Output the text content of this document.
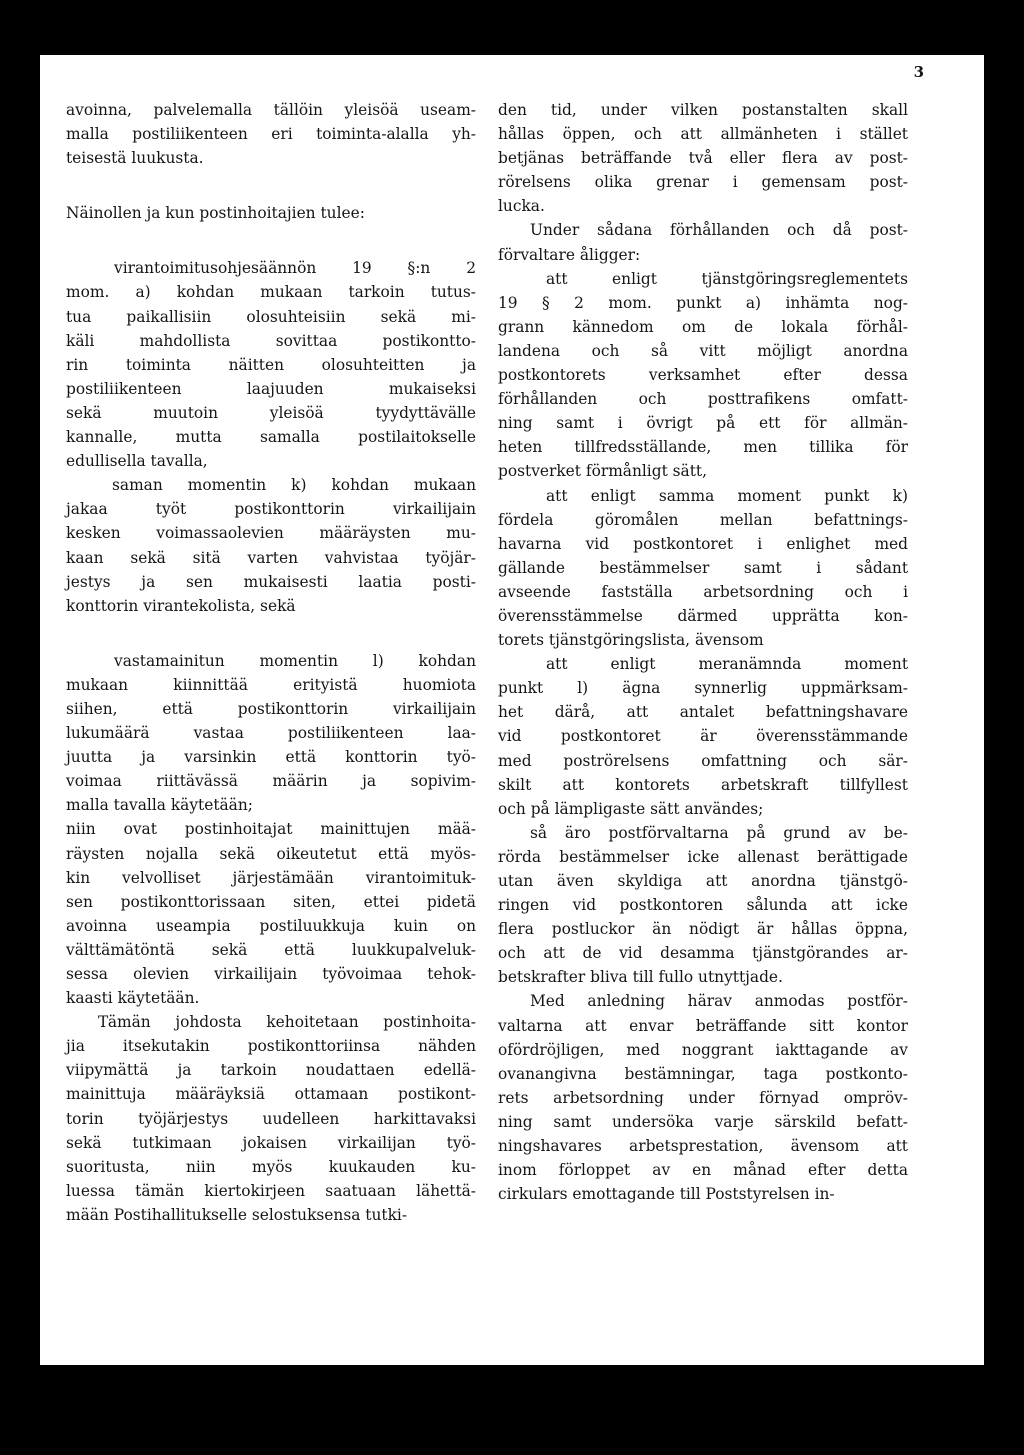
3
avoinna, palvelemalla tällöin yleisöä useam-
malla postiliikenteen eri toiminta-alalla yh-
teisestä luukusta.
Näinollen ja kun postinhoitajien tulee:
virantoimitusohjesäännön 19 §:n 2
mom. a) kohdan mukaan tarkoin tutus-
tua paikallisiin olosuhteisiin sekä mi-
käli mahdollista sovittaa postikontto-
rin toiminta näitten olosuhteitten ja
postiliikenteen laajuuden mukaiseksi
sekä muutoin yleisöä tyydyttävälle
kannalle, mutta samalla postilaitokselle
edullisella tavalla,
saman momentin k) kohdan mukaan
jakaa työt postikonttorin virkailijain
kesken voimassaolevien määräysten mu-
kaan sekä sitä varten vahvistaa työjär-
jestys ja sen mukaisesti laatia posti-
konttorin virantekolista, sekä
vastamainitun momentin l) kohdan
mukaan kiinnittää erityistä huomiota
siihen, että postikonttorin virkailijain
lukumäärä vastaa postiliikenteen laa-
juutta ja varsinkin että konttorin työ-
voimaa riittävässä määrin ja sopivim-
malla tavalla käytetään;
niin ovat postinhoitajat mainittujen mää-
räysten nojalla sekä oikeutetut että myös-
kin velvolliset järjestämään virantoimituk-
sen postikonttorissaan siten, ettei pidetä
avoinna useampia postiluukkuja kuin on
välttämätöntä sekä että luukkupalveluk-
sessa olevien virkailijain työvoimaa tehok-
kaasti käytetään.
Tämän johdosta kehoitetaan postinhoita-
jia itsekutakin postikonttoriinsa nähden
viipymättä ja tarkoin noudattaen edellä-
mainittuja määräyksiä ottamaan postikont-
torin työjärjestys uudelleen harkittavaksi
sekä tutkimaan jokaisen virkailijan työ-
suoritusta, niin myös kuukauden ku-
luessa tämän kiertokirjeen saatuaan lähettä-
mään Postihallitukselle selostuksensa tutki-
den tid, under vilken postanstalten skall
hållas öppen, och att allmänheten i stället
betjänas beträffande två eller flera av post-
rörelsens olika grenar i gemensam post-
lucka.
Under sådana förhållanden och då post-
förvaltare åligger:
att enligt tjänstgöringsreglementets
19 § 2 mom. punkt a) inhämta nog-
grann kännedom om de lokala förhål-
landena och så vitt möjligt anordna
postkontorets verksamhet efter dessa
förhållanden och posttrafikens omfatt-
ning samt i övrigt på ett för allmän-
heten tillfredsställande, men tillika för
postverket förmånligt sätt,
att enligt samma moment punkt k)
fördela göromålen mellan befattnings-
havarna vid postkontoret i enlighet med
gällande bestämmelser samt i sådant
avseende fastställa arbetsordning och i
överensstämmelse därmed upprätta kon-
torets tjänstgöringslista, ävensom
att enligt meranämnda moment
punkt l) ägna synnerlig uppmärksam-
het därå, att antalet befattningshavare
vid postkontoret är överensstämmande
med poströrelsens omfattning och sär-
skilt att kontorets arbetskraft tillfyllest
och på lämpligaste sätt användes;
så äro postförvaltarna på grund av be-
rörda bestämmelser icke allenast berättigade
utan även skyldiga att anordna tjänstgö-
ringen vid postkontoren sålunda att icke
flera postluckor än nödigt är hållas öppna,
och att de vid desamma tjänstgörandes ar-
betskrafter bliva till fullo utnyttjade.
Med anledning härav anmodas postför-
valtarna att envar beträffande sitt kontor
ofördröjligen, med noggrant iakttagande av
ovanangivna bestämningar, taga postkonto-
rets arbetsordning under förnyad ompröv-
ning samt undersöka varje särskild befatt-
ningshavares arbetsprestation, ävensom att
inom förloppet av en månad efter detta
cirkulars emottagande till Poststyrelsen in-
